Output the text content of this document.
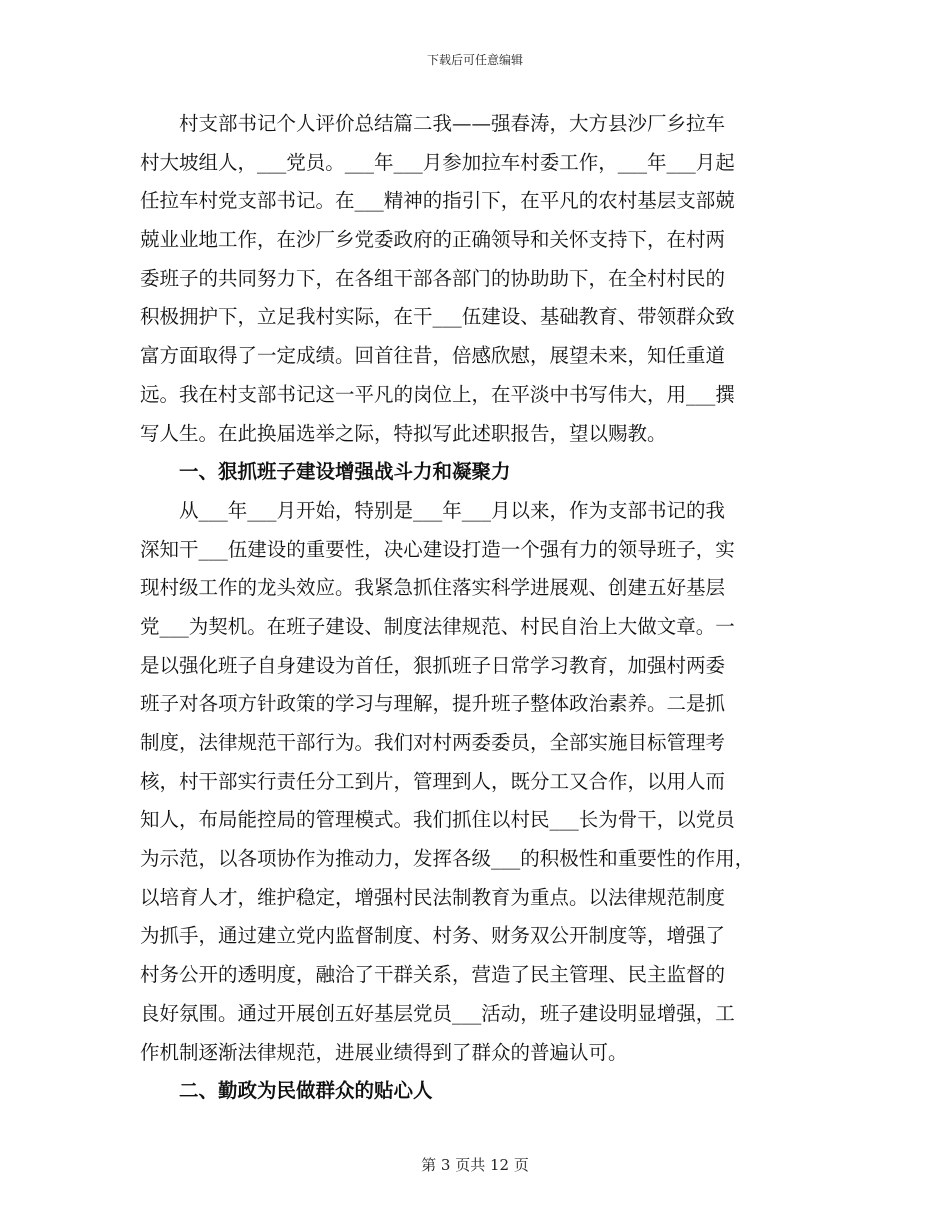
下载后可任意编辑
　　村支部书记个人评价总结篇二我——强春涛，大方县沙厂乡拉车
村大坡组人，___党员。___年___月参加拉车村委工作，___年___月起
任拉车村党支部书记。在___精神的指引下，在平凡的农村基层支部兢
兢业业地工作，在沙厂乡党委政府的正确领导和关怀支持下，在村两
委班子的共同努力下，在各组干部各部门的协助助下，在全村村民的
积极拥护下，立足我村实际，在干___伍建设、基础教育、带领群众致
富方面取得了一定成绩。回首往昔，倍感欣慰，展望未来，知任重道
远。我在村支部书记这一平凡的岗位上，在平淡中书写伟大，用___撰
写人生。在此换届选举之际，特拟写此述职报告，望以赐教。
　　一、狠抓班子建设增强战斗力和凝聚力
　　从___年___月开始，特别是___年___月以来，作为支部书记的我
深知干___伍建设的重要性，决心建设打造一个强有力的领导班子，实
现村级工作的龙头效应。我紧急抓住落实科学进展观、创建五好基层
党___为契机。在班子建设、制度法律规范、村民自治上大做文章。一
是以强化班子自身建设为首任，狠抓班子日常学习教育，加强村两委
班子对各项方针政策的学习与理解，提升班子整体政治素养。二是抓
制度，法律规范干部行为。我们对村两委委员，全部实施目标管理考
核，村干部实行责任分工到片，管理到人，既分工又合作，以用人而
知人，布局能控局的管理模式。我们抓住以村民___长为骨干，以党员
为示范，以各项协作为推动力，发挥各级___的积极性和重要性的作用，
以培育人才，维护稳定，增强村民法制教育为重点。以法律规范制度
为抓手，通过建立党内监督制度、村务、财务双公开制度等，增强了
村务公开的透明度，融洽了干群关系，营造了民主管理、民主监督的
良好氛围。通过开展创五好基层党员___活动，班子建设明显增强，工
作机制逐渐法律规范，进展业绩得到了群众的普遍认可。
　　二、勤政为民做群众的贴心人
第 3 页共 12 页
